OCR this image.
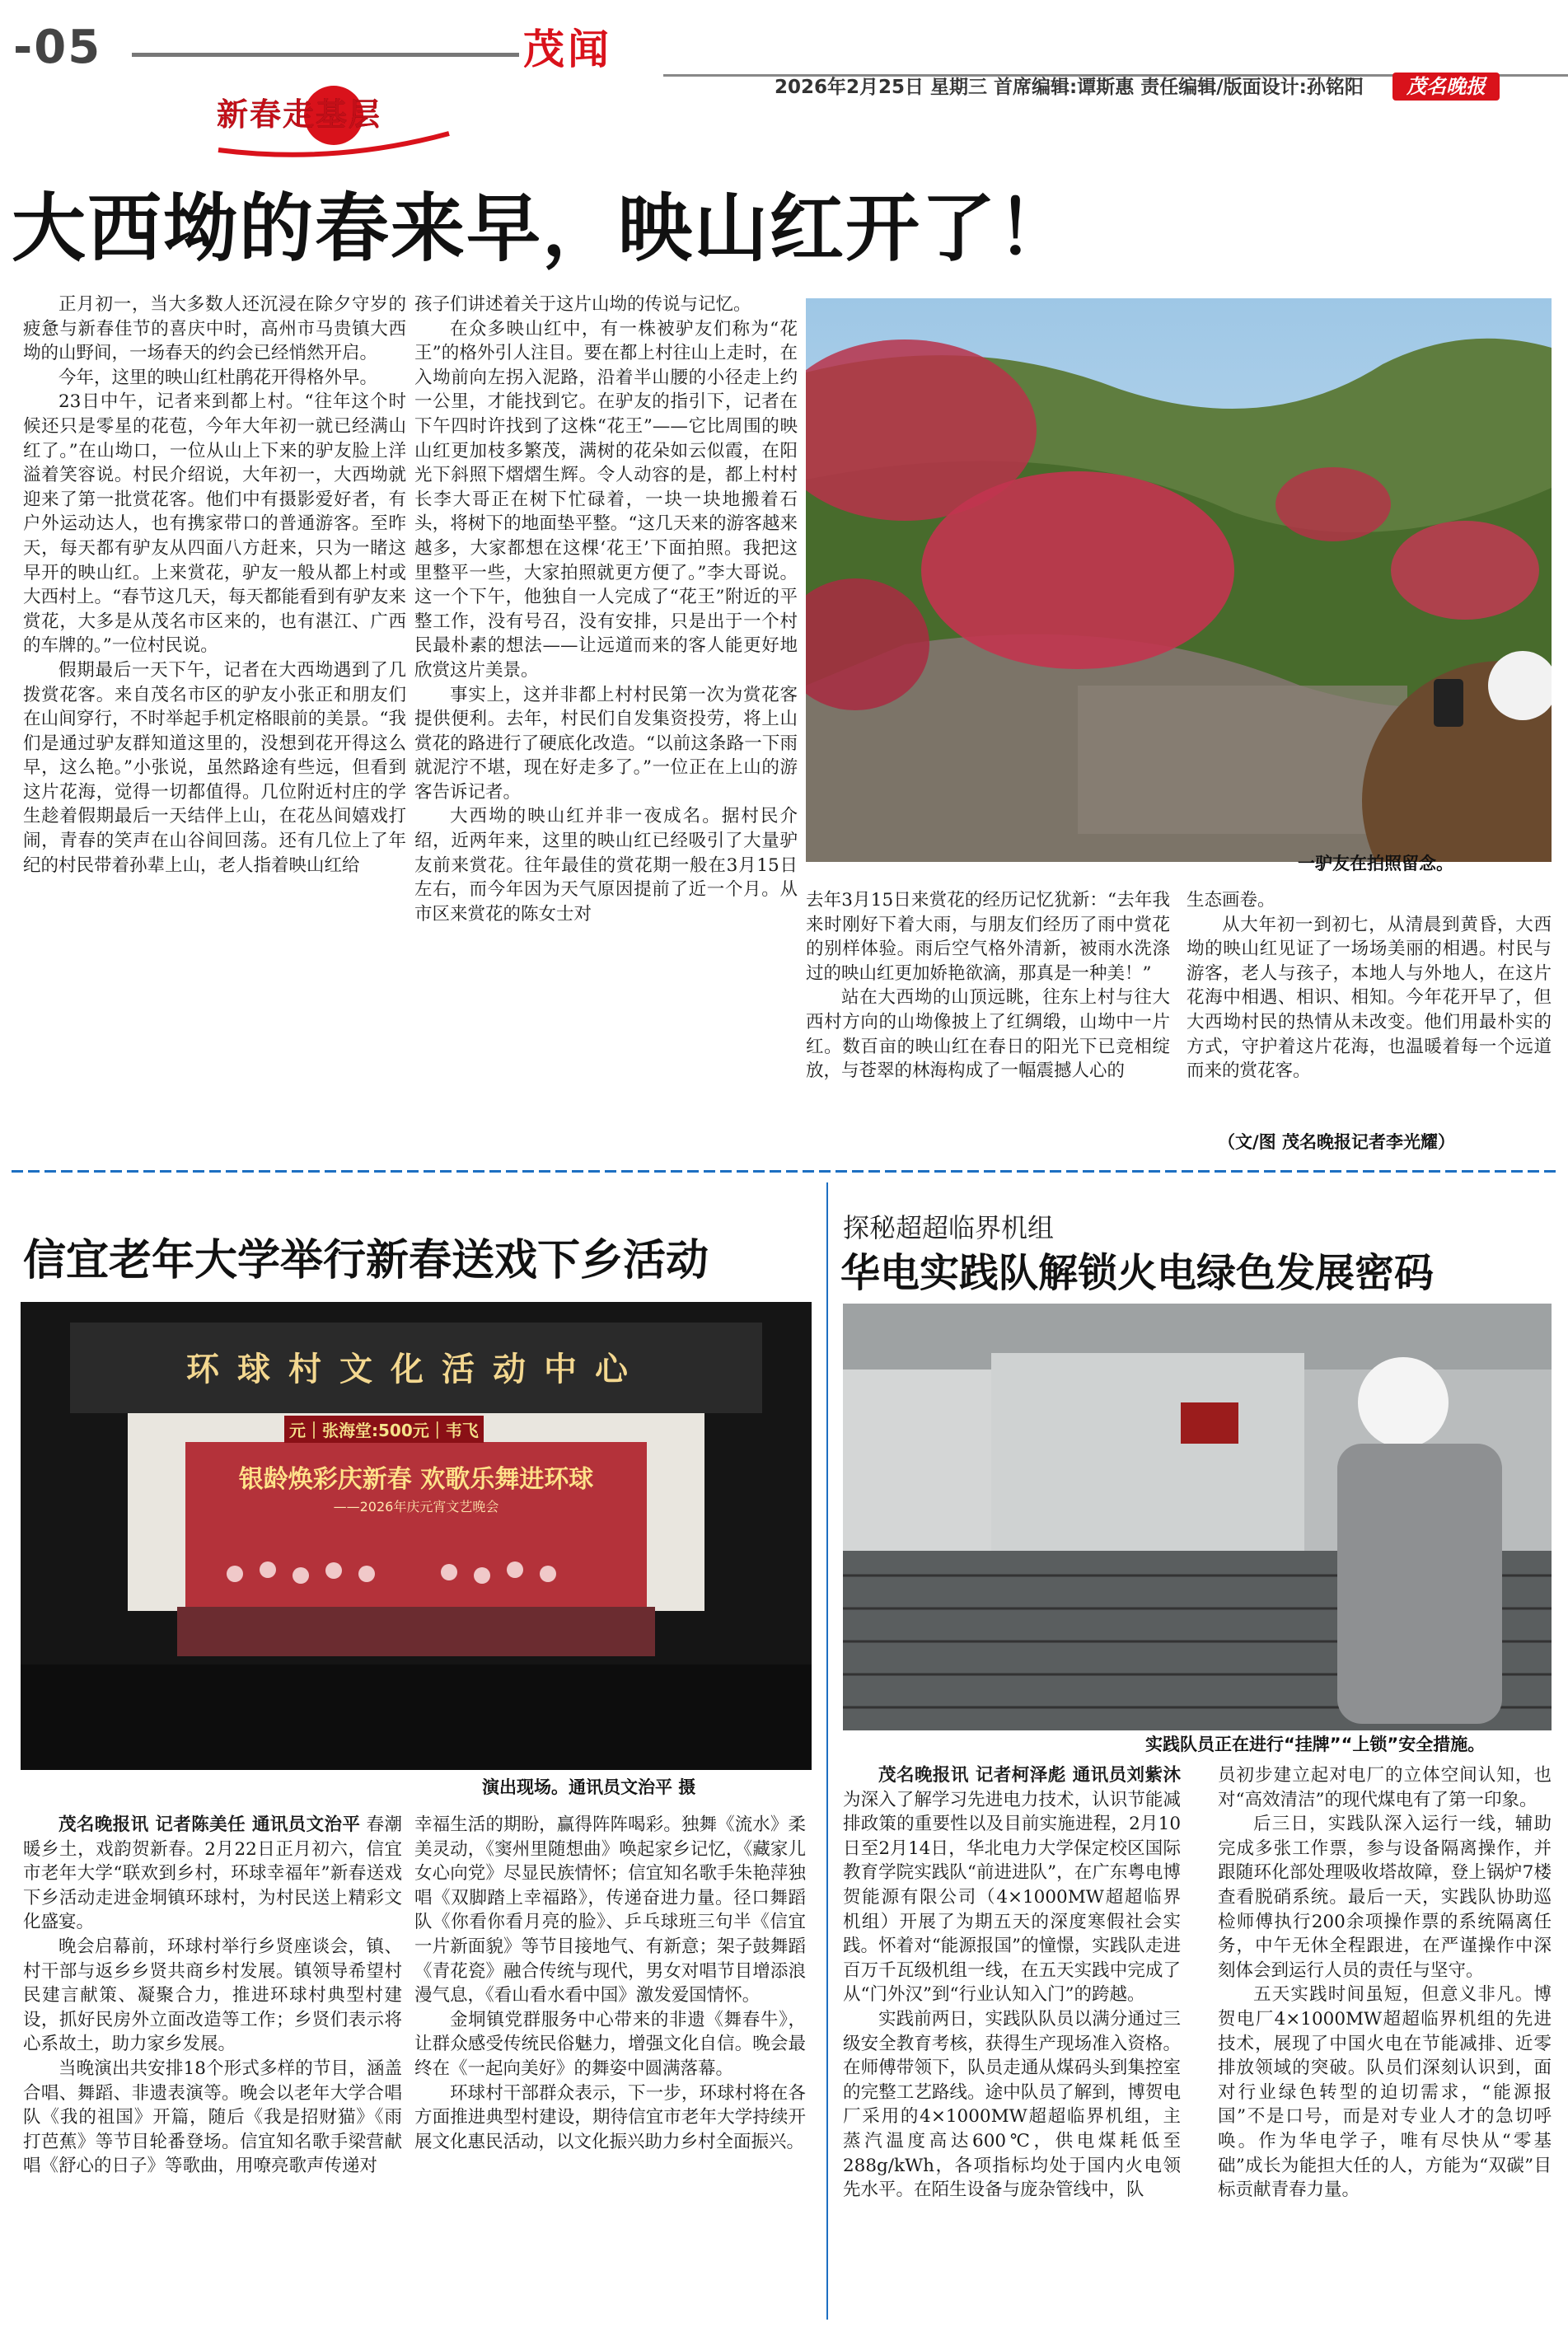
-05	茂闻
2026年2月25日 星期三 首席编辑:谭斯惠 责任编辑/版面设计:孙铭阳	茂名晚报
新春走基层
大西坳的春来早，映山红开了！

正月初一，当大多数人还沉浸在除夕守岁的疲惫与新春佳节的喜庆中时，高州市马贵镇大西坳的山野间，一场春天的约会已经悄然开启。

今年，这里的映山红杜鹃花开得格外早。

23日中午，记者来到都上村。“往年这个时候还只是零星的花苞，今年大年初一就已经满山红了。”在山坳口，一位从山上下来的驴友脸上洋溢着笑容说。村民介绍说，大年初一，大西坳就迎来了第一批赏花客。他们中有摄影爱好者，有户外运动达人，也有携家带口的普通游客。至昨天，每天都有驴友从四面八方赶来，只为一睹这早开的映山红。上来赏花，驴友一般从都上村或大西村上。“春节这几天，每天都能看到有驴友来赏花，大多是从茂名市区来的，也有湛江、广西的车牌的。”一位村民说。

假期最后一天下午，记者在大西坳遇到了几拨赏花客。来自茂名市区的驴友小张正和朋友们在山间穿行，不时举起手机定格眼前的美景。“我们是通过驴友群知道这里的，没想到花开得这么早，这么艳。”小张说，虽然路途有些远，但看到这片花海，觉得一切都值得。几位附近村庄的学生趁着假期最后一天结伴上山，在花丛间嬉戏打闹，青春的笑声在山谷间回荡。还有几位上了年纪的村民带着孙辈上山，老人指着映山红给

孩子们讲述着关于这片山坳的传说与记忆。

在众多映山红中，有一株被驴友们称为“花王”的格外引人注目。要在都上村往山上走时，在入坳前向左拐入泥路，沿着半山腰的小径走上约一公里，才能找到它。在驴友的指引下，记者在下午四时许找到了这株“花王”——它比周围的映山红更加枝多繁茂，满树的花朵如云似霞，在阳光下斜照下熠熠生辉。令人动容的是，都上村村长李大哥正在树下忙碌着，一块一块地搬着石头，将树下的地面垫平整。“这几天来的游客越来越多，大家都想在这棵‘花王’下面拍照。我把这里整平一些，大家拍照就更方便了。”李大哥说。这一个下午，他独自一人完成了“花王”附近的平整工作，没有号召，没有安排，只是出于一个村民最朴素的想法——让远道而来的客人能更好地欣赏这片美景。

事实上，这并非都上村村民第一次为赏花客提供便利。去年，村民们自发集资投劳，将上山赏花的路进行了硬底化改造。“以前这条路一下雨就泥泞不堪，现在好走多了。”一位正在上山的游客告诉记者。

大西坳的映山红并非一夜成名。据村民介绍，近两年来，这里的映山红已经吸引了大量驴友前来赏花。往年最佳的赏花期一般在3月15日左右，而今年因为天气原因提前了近一个月。从市区来赏花的陈女士对

一驴友在拍照留念。

去年3月15日来赏花的经历记忆犹新：“去年我来时刚好下着大雨，与朋友们经历了雨中赏花的别样体验。雨后空气格外清新，被雨水洗涤过的映山红更加娇艳欲滴，那真是一种美！”

站在大西坳的山顶远眺，往东上村与往大西村方向的山坳像披上了红绸缎，山坳中一片红。数百亩的映山红在春日的阳光下已竞相绽放，与苍翠的林海构成了一幅震撼人心的

生态画卷。

从大年初一到初七，从清晨到黄昏，大西坳的映山红见证了一场场美丽的相遇。村民与游客，老人与孩子，本地人与外地人，在这片花海中相遇、相识、相知。今年花开早了，但大西坳村民的热情从未改变。他们用最朴实的方式，守护着这片花海，也温暖着每一个远道而来的赏花客。

（文/图 茂名晚报记者李光耀）
信宜老年大学举行新春送戏下乡活动
环球村文化活动中心
元｜张海堂:500元｜韦飞
银龄焕彩庆新春 欢歌乐舞进环球
——2026年庆元宵文艺晚会
演出现场。通讯员文治平 摄

茂名晚报讯 记者陈美任 通讯员文治平 春潮暖乡土，戏韵贺新春。2月22日正月初六，信宜市老年大学“联欢到乡村，环球幸福年”新春送戏下乡活动走进金垌镇环球村，为村民送上精彩文化盛宴。

晚会启幕前，环球村举行乡贤座谈会，镇、村干部与返乡乡贤共商乡村发展。镇领导希望村民建言献策、凝聚合力，推进环球村典型村建设，抓好民房外立面改造等工作；乡贤们表示将心系故土，助力家乡发展。

当晚演出共安排18个形式多样的节目，涵盖合唱、舞蹈、非遗表演等。晚会以老年大学合唱队《我的祖国》开篇，随后《我是招财猫》《雨打芭蕉》等节目轮番登场。信宜知名歌手梁营献唱《舒心的日子》等歌曲，用嘹亮歌声传递对

幸福生活的期盼，赢得阵阵喝彩。独舞《流水》柔美灵动，《窦州里随想曲》唤起家乡记忆，《藏家儿女心向党》尽显民族情怀；信宜知名歌手朱艳萍独唱《双脚踏上幸福路》，传递奋进力量。径口舞蹈队《你看你看月亮的脸》、乒乓球班三句半《信宜一片新面貌》等节目接地气、有新意；架子鼓舞蹈《青花瓷》融合传统与现代，男女对唱节目增添浪漫气息，《看山看水看中国》激发爱国情怀。

金垌镇党群服务中心带来的非遗《舞春牛》，让群众感受传统民俗魅力，增强文化自信。晚会最终在《一起向美好》的舞姿中圆满落幕。

环球村干部群众表示，下一步，环球村将在各方面推进典型村建设，期待信宜市老年大学持续开展文化惠民活动，以文化振兴助力乡村全面振兴。

探秘超超临界机组
华电实践队解锁火电绿色发展密码
实践队员正在进行“挂牌”“上锁”安全措施。

茂名晚报讯 记者柯泽彪 通讯员刘紫沐 为深入了解学习先进电力技术，认识节能减排政策的重要性以及目前实施进程，2月10日至2月14日，华北电力大学保定校区国际教育学院实践队“前进进队”，在广东粤电博贺能源有限公司（4×1000MW超超临界机组）开展了为期五天的深度寒假社会实践。怀着对“能源报国”的憧憬，实践队走进百万千瓦级机组一线，在五天实践中完成了从“门外汉”到“行业认知入门”的跨越。

实践前两日，实践队队员以满分通过三级安全教育考核，获得生产现场准入资格。在师傅带领下，队员走通从煤码头到集控室的完整工艺路线。途中队员了解到，博贺电厂采用的4×1000MW超超临界机组，主蒸汽温度高达600℃，供电煤耗低至288g/kWh，各项指标均处于国内火电领先水平。在陌生设备与庞杂管线中，队

员初步建立起对电厂的立体空间认知，也对“高效清洁”的现代煤电有了第一印象。

后三日，实践队深入运行一线，辅助完成多张工作票，参与设备隔离操作，并跟随环化部处理吸收塔故障，登上锅炉7楼查看脱硝系统。最后一天，实践队协助巡检师傅执行200余项操作票的系统隔离任务，中午无休全程跟进，在严谨操作中深刻体会到运行人员的责任与坚守。

五天实践时间虽短，但意义非凡。博贺电厂4×1000MW超超临界机组的先进技术，展现了中国火电在节能减排、近零排放领域的突破。队员们深刻认识到，面对行业绿色转型的迫切需求，“能源报国”不是口号，而是对专业人才的急切呼唤。作为华电学子，唯有尽快从“零基础”成长为能担大任的人，方能为“双碳”目标贡献青春力量。
